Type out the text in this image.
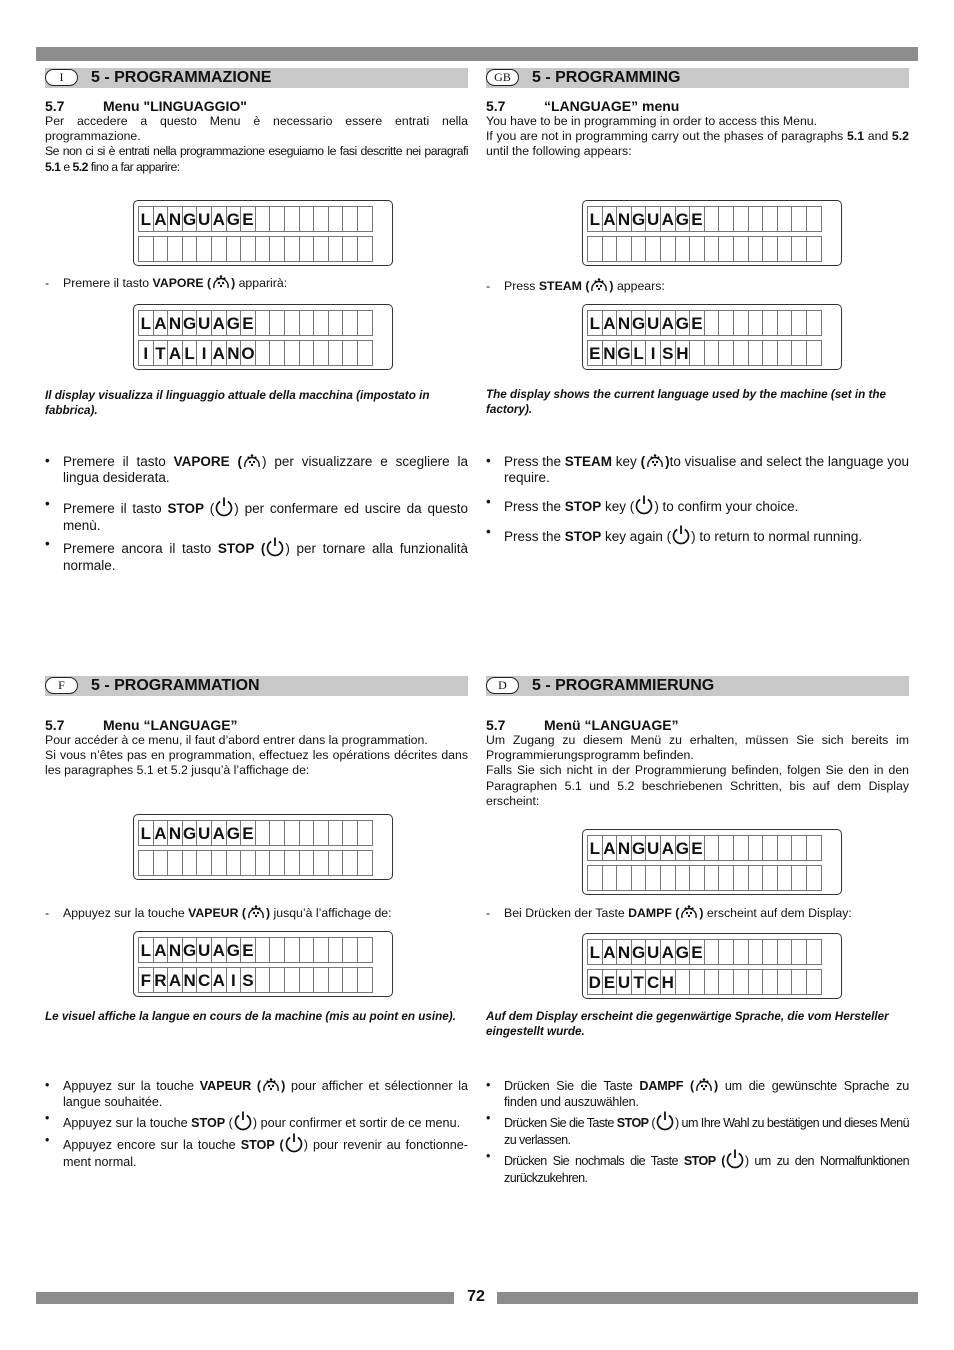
I	5 - PROGRAMMAZIONE
5.7	Menu "LINGUAGGIO"
Per accedere a questo Menu è necessario essere entrati nella programmazione.
Se non ci si è entrati nella programmazione eseguiamo le fasi descritte nei paragrafi 5.1 e 5.2 fino a far apparire:
L A N G U A G E
- Premere il tasto VAPORE ( ) apparirà:
L A N G U A G E
I T A L I A N O
Il display visualizza il linguaggio attuale della macchina (impostato in fabbrica).
• Premere il tasto VAPORE ( ) per visualizzare e scegliere la lingua desiderata.
• Premere il tasto STOP ( ) per confermare ed uscire da questo menù.
• Premere ancora il tasto STOP ( ) per tornare alla funzionalità normale.
GB	5 - PROGRAMMING
5.7	“LANGUAGE” menu
You have to be in programming in order to access this Menu.
If you are not in programming carry out the phases of paragraphs 5.1 and 5.2 until the following appears:
L A N G U A G E
- Press STEAM ( ) appears:
L A N G U A G E
E N G L I S H
The display shows the current language used by the machine (set in the factory).
• Press the STEAM key ( )to visualise and select the language you require.
• Press the STOP key ( ) to confirm your choice.
• Press the STOP key again ( ) to return to normal running.
F	5 - PROGRAMMATION
5.7	Menu “LANGUAGE”
Pour accéder à ce menu, il faut d’abord entrer dans la programmation.
Si vous n’êtes pas en programmation, effectuez les opérations décrites dans les paragraphes 5.1 et 5.2 jusqu’à l’affichage de:
L A N G U A G E
- Appuyez sur la touche VAPEUR ( ) jusqu’à l’affichage de:
L A N G U A G E
F R A N C A I S
Le visuel affiche la langue en cours de la machine (mis au point en usine).
• Appuyez sur la touche VAPEUR ( ) pour afficher et sélectionner la langue souhaitée.
• Appuyez sur la touche STOP ( ) pour confirmer et sortir de ce menu.
• Appuyez encore sur la touche STOP ( ) pour revenir au fonctionne-ment normal.
D	5 - PROGRAMMIERUNG
5.7	Menü “LANGUAGE”
Um Zugang zu diesem Menü zu erhalten, müssen Sie sich bereits im Programmierungsprogramm befinden.
Falls Sie sich nicht in der Programmierung befinden, folgen Sie den in den Paragraphen 5.1 und 5.2 beschriebenen Schritten, bis auf dem Display erscheint:
L A N G U A G E
- Bei Drücken der Taste DAMPF ( ) erscheint auf dem Display:
L A N G U A G E
D E U T C H
Auf dem Display erscheint die gegenwärtige Sprache, die vom Hersteller eingestellt wurde.
• Drücken Sie die Taste DAMPF ( ) um die gewünschte Sprache zu finden und auszuwählen.
• Drücken Sie die Taste STOP ( ) um Ihre Wahl zu bestätigen und dieses Menü zu verlassen.
• Drücken Sie nochmals die Taste STOP ( ) um zu den Normalfunktionen zurückzukehren.
72
